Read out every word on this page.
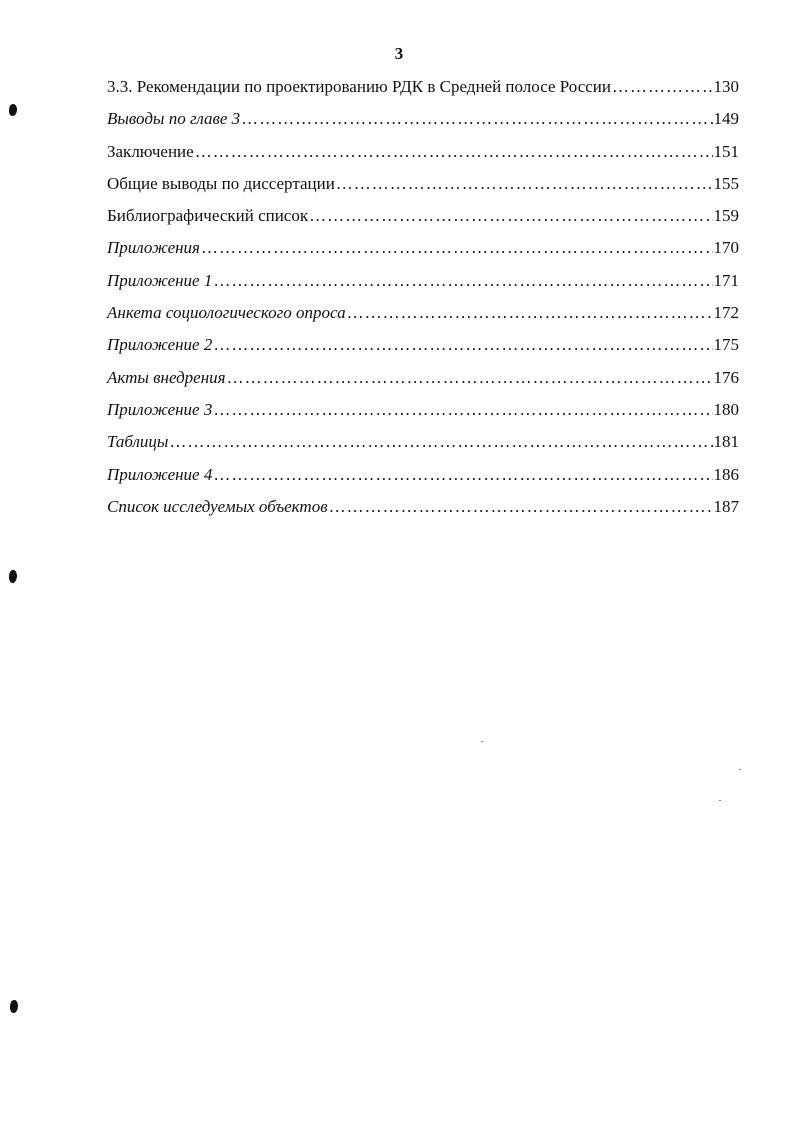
3
3.3. Рекомендации по проектированию РДК в Средней полосе России ………………………………………………………………………………………………………………………………	130
Выводы по главе 3 ………………………………………………………………………………………………………………………………	149
Заключение ………………………………………………………………………………………………………………………………	151
Общие выводы по диссертации ………………………………………………………………………………………………………………………………	155
Библиографический список ………………………………………………………………………………………………………………………………	159
Приложения ………………………………………………………………………………………………………………………………	170
Приложение 1 ………………………………………………………………………………………………………………………………	171
Анкета социологического опроса ………………………………………………………………………………………………………………………………	172
Приложение 2 ………………………………………………………………………………………………………………………………	175
Акты внедрения ………………………………………………………………………………………………………………………………	176
Приложение 3 ………………………………………………………………………………………………………………………………	180
Таблицы ………………………………………………………………………………………………………………………………	181
Приложение 4 ………………………………………………………………………………………………………………………………	186
Список исследуемых объектов ………………………………………………………………………………………………………………………………	187
